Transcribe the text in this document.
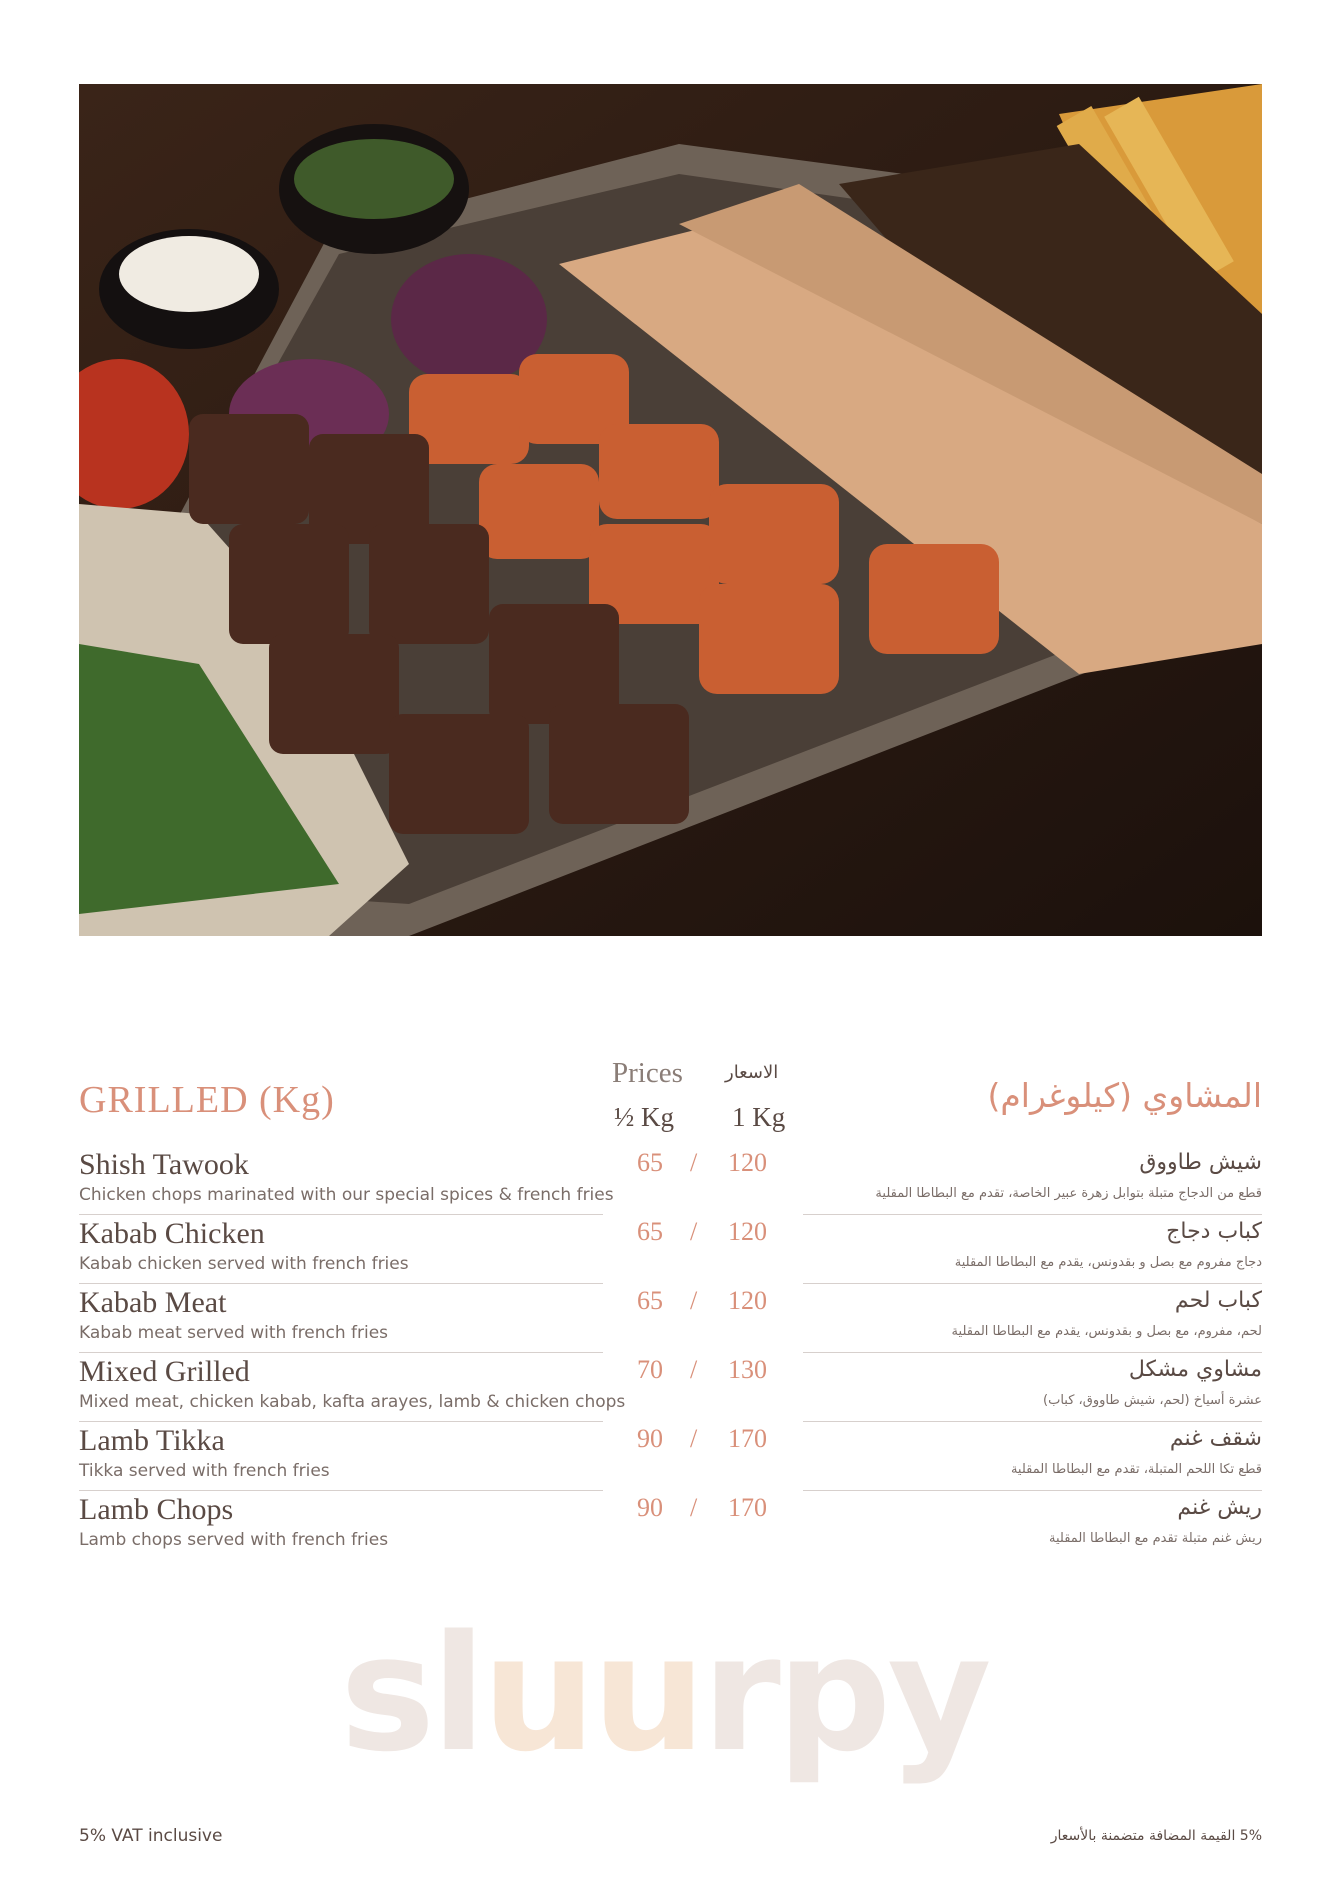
sluurpy
GRILLED (Kg)	المشاوي (كيلوغرام)
Prices الاسعار
½ Kg 1 Kg
Shish Tawook
Chicken chops marinated with our special spices & french fries
65 / 120	شيش طاووق
قطع من الدجاج متبلة بتوابل زهرة عبير الخاصة، تقدم مع البطاطا المقلية
Kabab Chicken
Kabab chicken served with french fries
65 / 120	كباب دجاج
دجاج مفروم مع بصل و بقدونس، يقدم مع البطاطا المقلية
Kabab Meat
Kabab meat served with french fries
65 / 120	كباب لحم
لحم، مفروم، مع بصل و بقدونس، يقدم مع البطاطا المقلية
Mixed Grilled
Mixed meat, chicken kabab, kafta arayes, lamb & chicken chops
70 / 130	مشاوي مشكل
عشرة أسياخ (لحم، شيش طاووق، كباب)
Lamb Tikka
Tikka served with french fries
90 / 170	شقف غنم
قطع تكا اللحم المتبلة، تقدم مع البطاطا المقلية
Lamb Chops
Lamb chops served with french fries
90 / 170	ريش غنم
ريش غنم متبلة تقدم مع البطاطا المقلية
5% VAT inclusive	5% القيمة المضافة متضمنة بالأسعار
